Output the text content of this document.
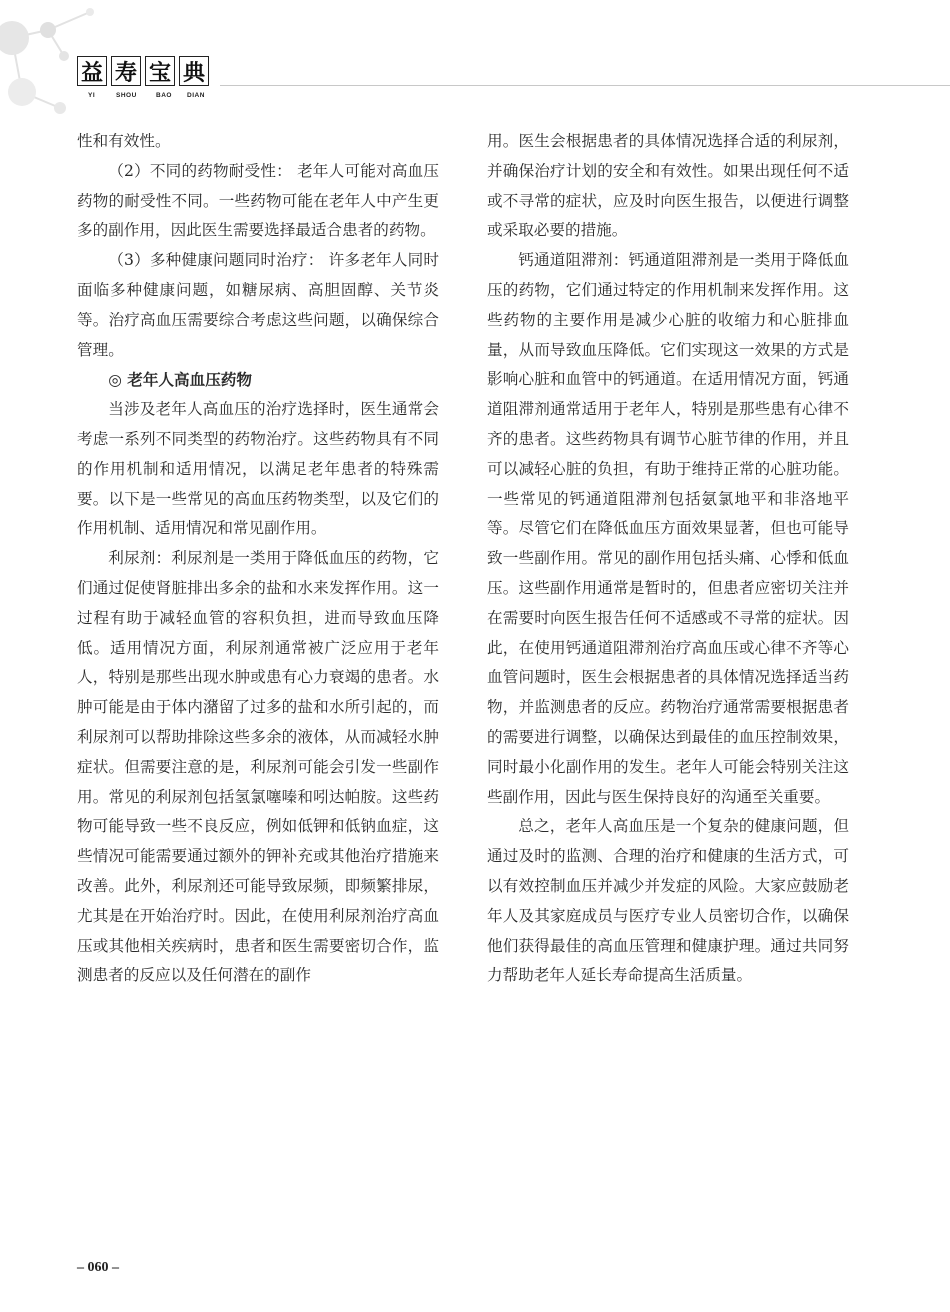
益 寿 宝 典
YI	SHOU	BAO DIAN

性和有效性。

（2）不同的药物耐受性： 老年人可能对高血压药物的耐受性不同。一些药物可能在老年人中产生更多的副作用，因此医生需要选择最适合患者的药物。

（3）多种健康问题同时治疗： 许多老年人同时面临多种健康问题，如糖尿病、高胆固醇、关节炎等。治疗高血压需要综合考虑这些问题，以确保综合管理。

◎ 老年人高血压药物

当涉及老年人高血压的治疗选择时，医生通常会考虑一系列不同类型的药物治疗。这些药物具有不同的作用机制和适用情况，以满足老年患者的特殊需要。以下是一些常见的高血压药物类型，以及它们的作用机制、适用情况和常见副作用。

利尿剂：利尿剂是一类用于降低血压的药物，它们通过促使肾脏排出多余的盐和水来发挥作用。这一过程有助于减轻血管的容积负担，进而导致血压降低。适用情况方面，利尿剂通常被广泛应用于老年人，特别是那些出现水肿或患有心力衰竭的患者。水肿可能是由于体内潴留了过多的盐和水所引起的，而利尿剂可以帮助排除这些多余的液体，从而减轻水肿症状。但需要注意的是，利尿剂可能会引发一些副作用。常见的利尿剂包括氢氯噻嗪和吲达帕胺。这些药物可能导致一些不良反应，例如低钾和低钠血症，这些情况可能需要通过额外的钾补充或其他治疗措施来改善。此外，利尿剂还可能导致尿频，即频繁排尿，尤其是在开始治疗时。因此，在使用利尿剂治疗高血压或其他相关疾病时，患者和医生需要密切合作，监测患者的反应以及任何潜在的副作

用。医生会根据患者的具体情况选择合适的利尿剂，并确保治疗计划的安全和有效性。如果出现任何不适或不寻常的症状，应及时向医生报告，以便进行调整或采取必要的措施。

钙通道阻滞剂：钙通道阻滞剂是一类用于降低血压的药物，它们通过特定的作用机制来发挥作用。这些药物的主要作用是减少心脏的收缩力和心脏排血量，从而导致血压降低。它们实现这一效果的方式是影响心脏和血管中的钙通道。在适用情况方面，钙通道阻滞剂通常适用于老年人，特别是那些患有心律不齐的患者。这些药物具有调节心脏节律的作用，并且可以减轻心脏的负担，有助于维持正常的心脏功能。一些常见的钙通道阻滞剂包括氨氯地平和非洛地平等。尽管它们在降低血压方面效果显著，但也可能导致一些副作用。常见的副作用包括头痛、心悸和低血压。这些副作用通常是暂时的，但患者应密切关注并在需要时向医生报告任何不适感或不寻常的症状。因此，在使用钙通道阻滞剂治疗高血压或心律不齐等心血管问题时，医生会根据患者的具体情况选择适当药物，并监测患者的反应。药物治疗通常需要根据患者的需要进行调整，以确保达到最佳的血压控制效果，同时最小化副作用的发生。老年人可能会特别关注这些副作用，因此与医生保持良好的沟通至关重要。

总之，老年人高血压是一个复杂的健康问题，但通过及时的监测、合理的治疗和健康的生活方式，可以有效控制血压并减少并发症的风险。大家应鼓励老年人及其家庭成员与医疗专业人员密切合作，以确保他们获得最佳的高血压管理和健康护理。通过共同努力帮助老年人延长寿命提高生活质量。

– 060 –
